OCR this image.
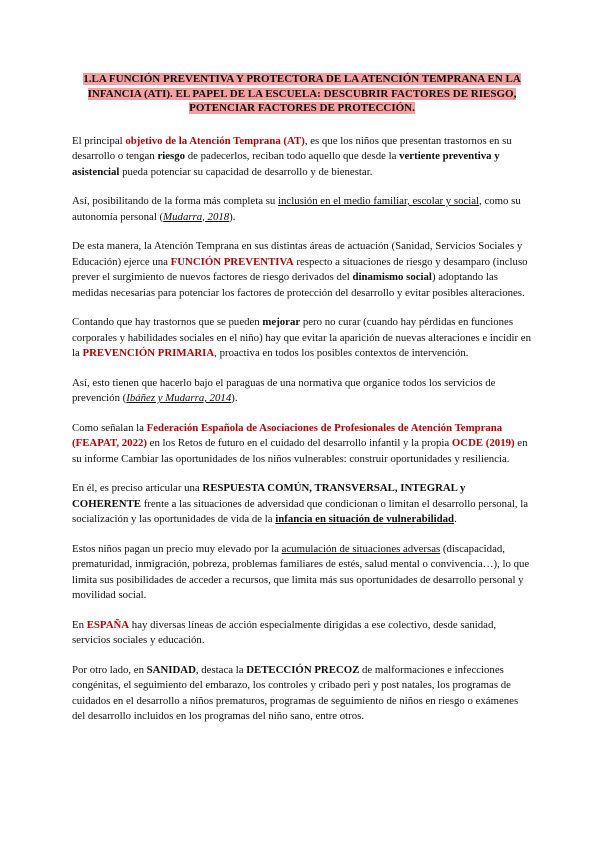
1.LA FUNCIÓN PREVENTIVA Y PROTECTORA DE LA ATENCIÓN TEMPRANA EN LA INFANCIA (ATI). EL PAPEL DE LA ESCUELA: DESCUBRIR FACTORES DE RIESGO, POTENCIAR FACTORES DE PROTECCIÓN.

El principal objetivo de la Atención Temprana (AT), es que los niños que presentan trastornos en su desarrollo o tengan riesgo de padecerlos, reciban todo aquello que desde la vertiente preventiva y asistencial pueda potenciar su capacidad de desarrollo y de bienestar.

Así, posibilitando de la forma más completa su inclusión en el medio familiar, escolar y social, como su autonomía personal (Mudarra, 2018).

De esta manera, la Atención Temprana en sus distintas áreas de actuación (Sanidad, Servicios Sociales y Educación) ejerce una FUNCIÓN PREVENTIVA respecto a situaciones de riesgo y desamparo (incluso prever el surgimiento de nuevos factores de riesgo derivados del dinamismo social) adoptando las medidas necesarias para potenciar los factores de protección del desarrollo y evitar posibles alteraciones.

Contando que hay trastornos que se pueden mejorar pero no curar (cuando hay pérdidas en funciones corporales y habilidades sociales en el niño) hay que evitar la aparición de nuevas alteraciones e incidir en la PREVENCIÓN PRIMARIA, proactiva en todos los posibles contextos de intervención.

Así, esto tienen que hacerlo bajo el paraguas de una normativa que organice todos los servicios de prevención (Ibáñez y Mudarra, 2014).

Como señalan la Federación Española de Asociaciones de Profesionales de Atención Temprana (FEAPAT, 2022) en los Retos de futuro en el cuidado del desarrollo infantil y la propia OCDE (2019) en su informe Cambiar las oportunidades de los niños vulnerables: construir oportunidades y resiliencia.

En él, es preciso articular una RESPUESTA COMÚN, TRANSVERSAL, INTEGRAL y COHERENTE frente a las situaciones de adversidad que condicionan o limitan el desarrollo personal, la socialización y las oportunidades de vida de la infancia en situación de vulnerabilidad.

Estos niños pagan un precio muy elevado por la acumulación de situaciones adversas (discapacidad, prematuridad, inmigración, pobreza, problemas familiares de estés, salud mental o convivencia…), lo que limita sus posibilidades de acceder a recursos, que limita más sus oportunidades de desarrollo personal y movilidad social.

En ESPAÑA hay diversas líneas de acción especialmente dirigidas a ese colectivo, desde sanidad, servicios sociales y educación.

Por otro lado, en SANIDAD, destaca la DETECCIÓN PRECOZ de malformaciones e infecciones congénitas, el seguimiento del embarazo, los controles y cribado peri y post natales, los programas de cuidados en el desarrollo a niños prematuros, programas de seguimiento de niños en riesgo o exámenes del desarrollo incluidos en los programas del niño sano, entre otros.
